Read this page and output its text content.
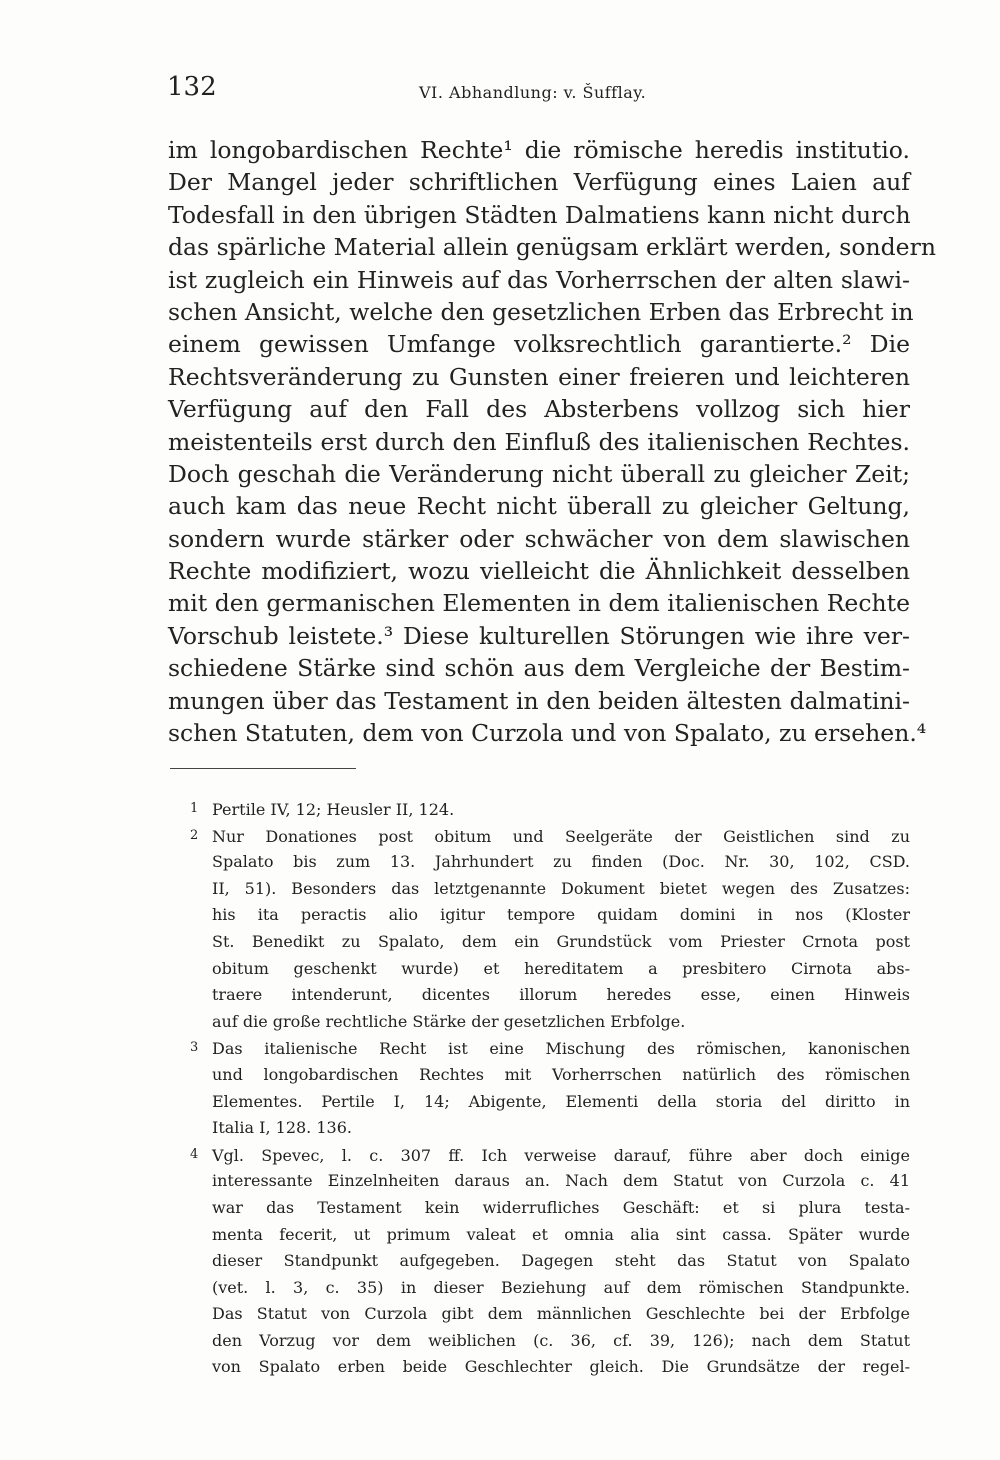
132	VI. Abhandlung: v. Šufflay.
im longobardischen Rechte¹ die römische heredis institutio.
Der Mangel jeder schriftlichen Verfügung eines Laien auf
Todesfall in den übrigen Städten Dalmatiens kann nicht durch
das spärliche Material allein genügsam erklärt werden, sondern
ist zugleich ein Hinweis auf das Vorherrschen der alten slawi-
schen Ansicht, welche den gesetzlichen Erben das Erbrecht in
einem gewissen Umfange volksrechtlich garantierte.² Die
Rechtsveränderung zu Gunsten einer freieren und leichteren
Verfügung auf den Fall des Absterbens vollzog sich hier
meistenteils erst durch den Einfluß des italienischen Rechtes.
Doch geschah die Veränderung nicht überall zu gleicher Zeit;
auch kam das neue Recht nicht überall zu gleicher Geltung,
sondern wurde stärker oder schwächer von dem slawischen
Rechte modifiziert, wozu vielleicht die Ähnlichkeit desselben
mit den germanischen Elementen in dem italienischen Rechte
Vorschub leistete.³ Diese kulturellen Störungen wie ihre ver-
schiedene Stärke sind schön aus dem Vergleiche der Bestim-
mungen über das Testament in den beiden ältesten dalmatini-
schen Statuten, dem von Curzola und von Spalato, zu ersehen.⁴
1 Pertile IV, 12; Heusler II, 124.
2 Nur Donationes post obitum und Seelgeräte der Geistlichen sind zu
Spalato bis zum 13. Jahrhundert zu finden (Doc. Nr. 30, 102, CSD.
II, 51). Besonders das letztgenannte Dokument bietet wegen des Zusatzes:
his ita peractis alio igitur tempore quidam domini in nos (Kloster
St. Benedikt zu Spalato, dem ein Grundstück vom Priester Crnota post
obitum geschenkt wurde) et hereditatem a presbitero Cirnota abs-
traere intenderunt, dicentes illorum heredes esse, einen Hinweis
auf die große rechtliche Stärke der gesetzlichen Erbfolge.
3 Das italienische Recht ist eine Mischung des römischen, kanonischen
und longobardischen Rechtes mit Vorherrschen natürlich des römischen
Elementes. Pertile I, 14; Abigente, Elementi della storia del diritto in
Italia I, 128. 136.
4 Vgl. Spevec, l. c. 307 ff. Ich verweise darauf, führe aber doch einige
interessante Einzelnheiten daraus an. Nach dem Statut von Curzola c. 41
war das Testament kein widerrufliches Geschäft: et si plura testa-
menta fecerit, ut primum valeat et omnia alia sint cassa. Später wurde
dieser Standpunkt aufgegeben. Dagegen steht das Statut von Spalato
(vet. l. 3, c. 35) in dieser Beziehung auf dem römischen Standpunkte.
Das Statut von Curzola gibt dem männlichen Geschlechte bei der Erbfolge
den Vorzug vor dem weiblichen (c. 36, cf. 39, 126); nach dem Statut
von Spalato erben beide Geschlechter gleich. Die Grundsätze der regel-
